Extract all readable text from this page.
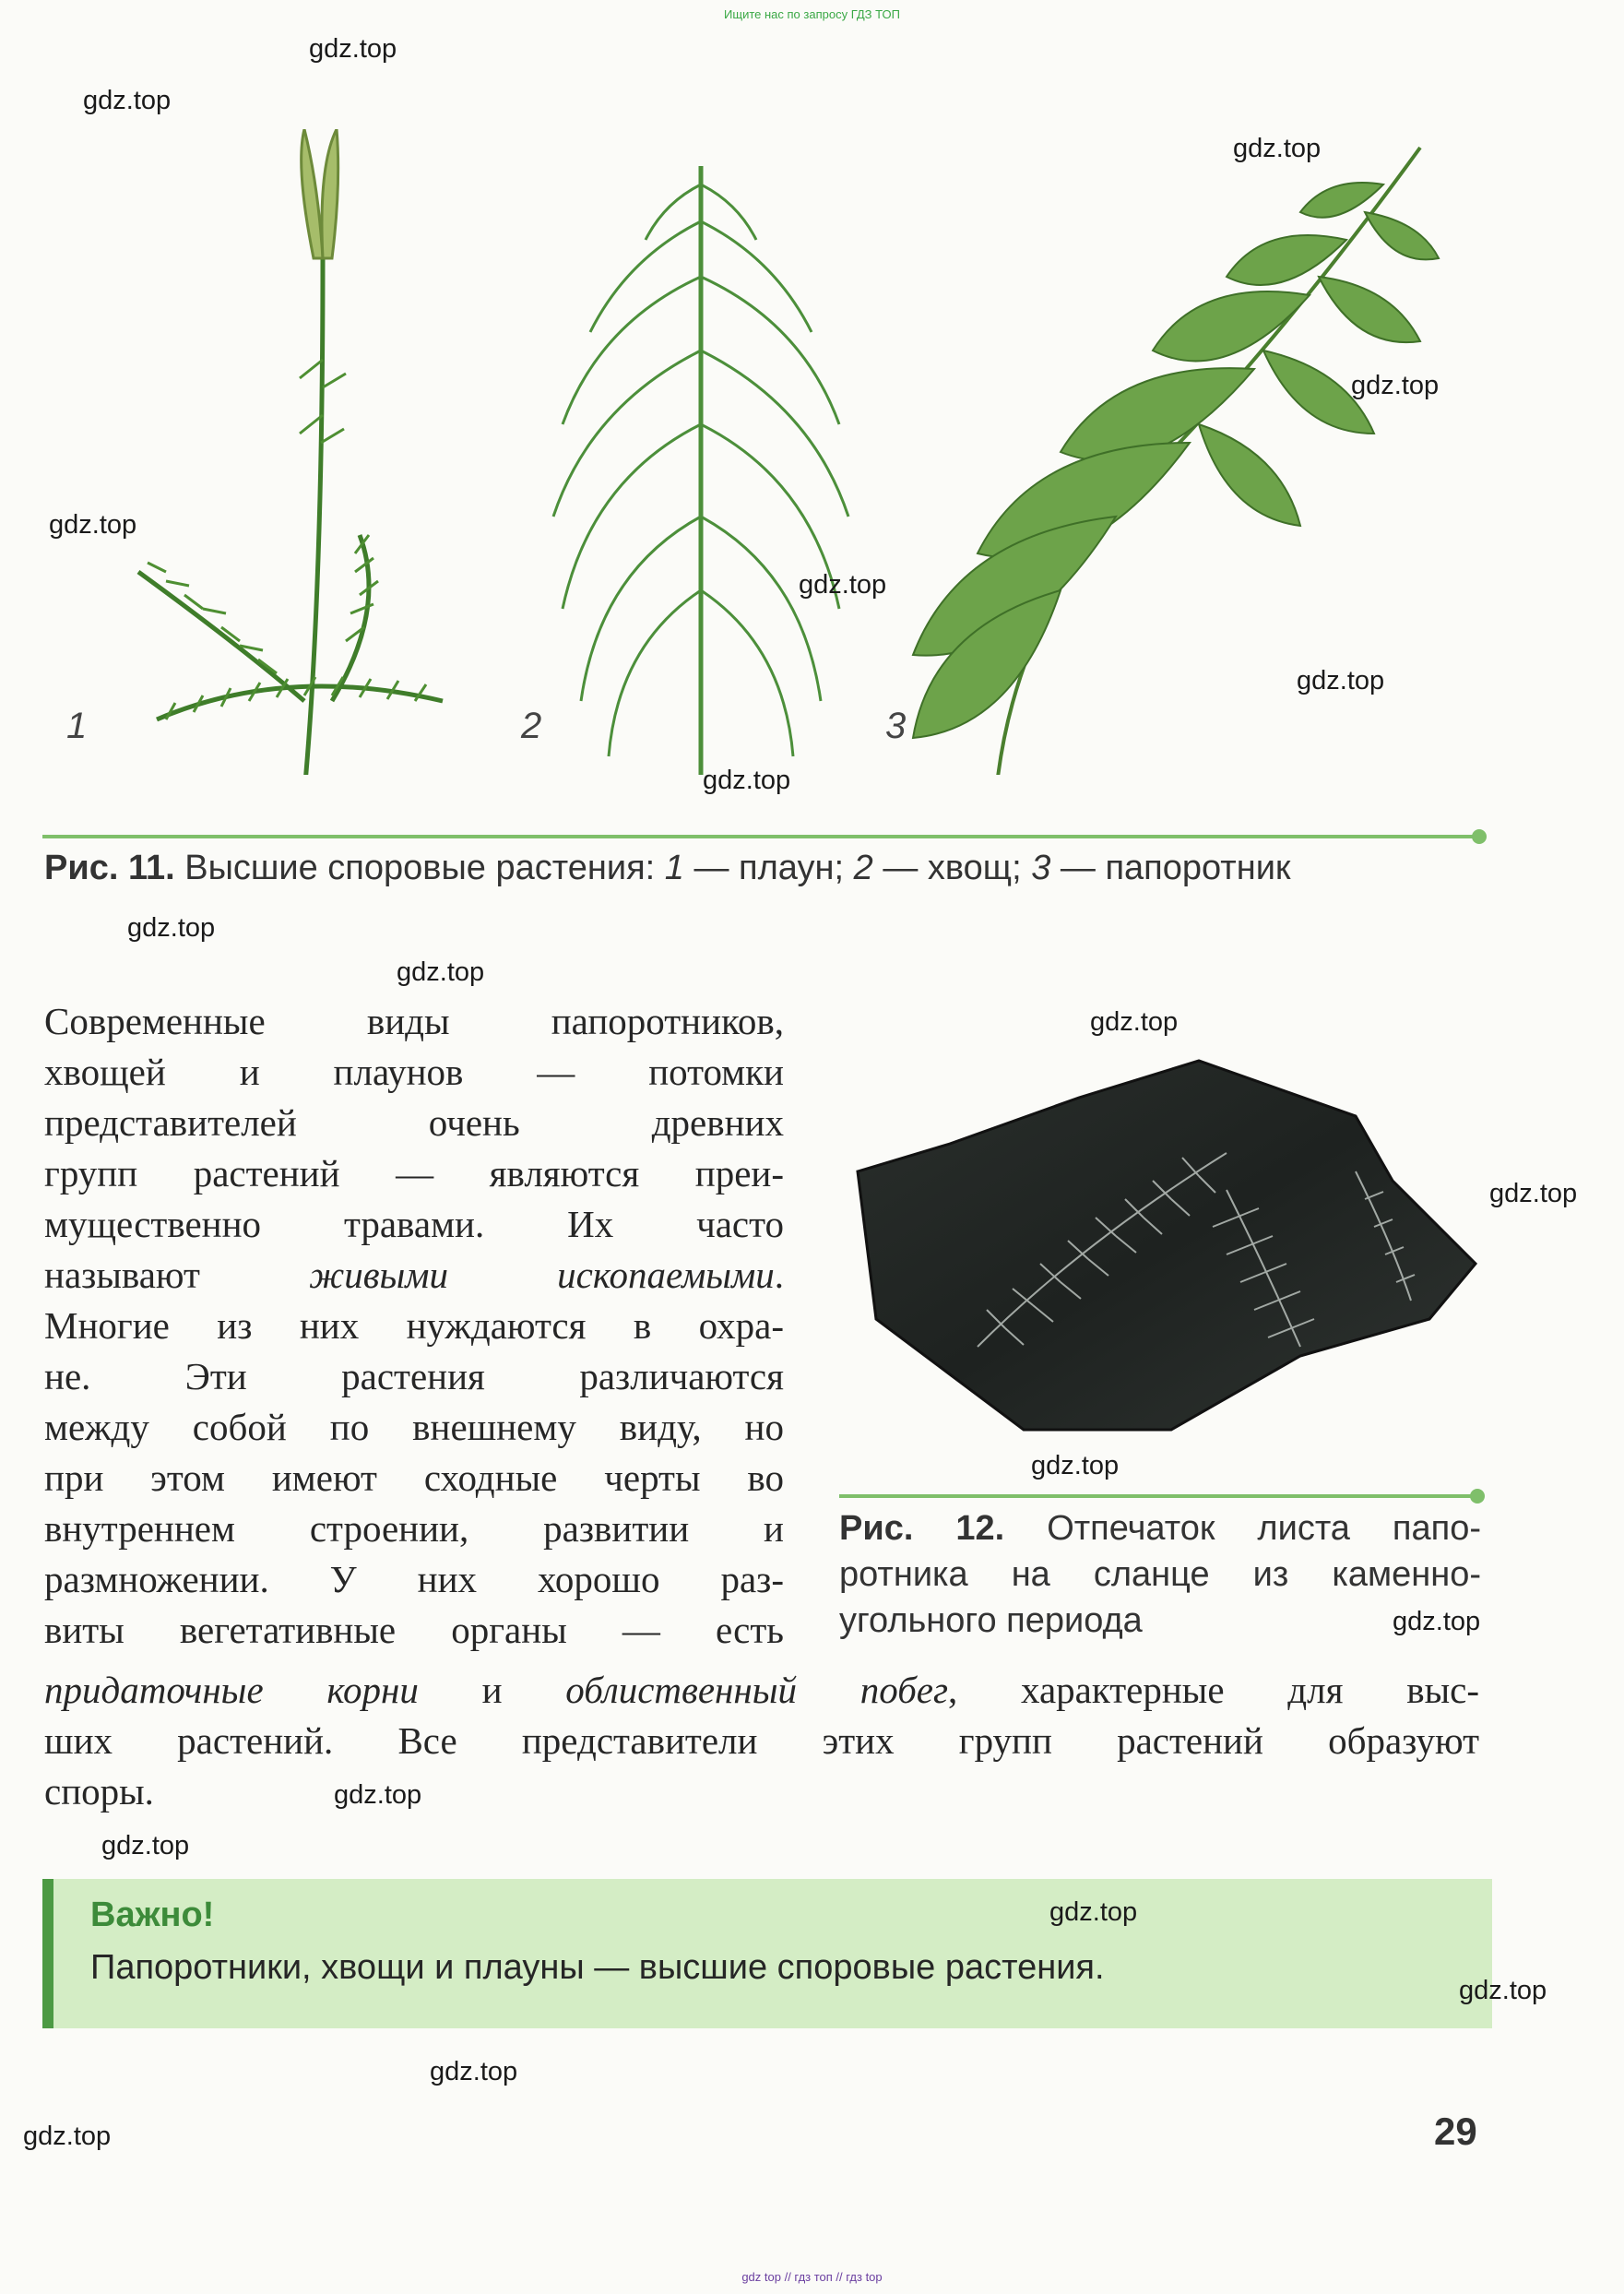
Ищите нас по запросу ГДЗ ТОП
1	2	3
Рис. 11. Высшие споровые растения: 1 — плаун; 2 — хвощ; 3 — папоротник
Современные виды папоротников,
хвощей и плаунов — потомки
представителей очень древних
групп растений — являются преи-
мущественно травами. Их часто
называют	живыми ископаемыми.
Многие из них нуждаются в охра-
не. Эти растения различаются
между собой по внешнему виду, но
при этом имеют сходные черты во
внутреннем строении, развитии и
размножении. У них хорошо раз-
виты вегетативные органы — есть
придаточные корни и облиственный побег, характерные для выс-
ших растений. Все представители этих групп растений образуют
споры.
Рис. 12. Отпечаток листа папо-
ротника на сланце из каменно-
угольного периода
Важно!
Папоротники, хвощи и плауны — высшие споровые растения.
29
gdz.top
gdz.top
gdz.top
gdz.top
gdz.top
gdz.top
gdz.top
gdz.top
gdz.top
gdz.top
gdz.top
gdz.top
gdz.top
gdz.top
gdz.top
gdz.top
gdz.top
gdz.top
gdz.top
gdz.top
gdz top // гдз топ // гдз top
